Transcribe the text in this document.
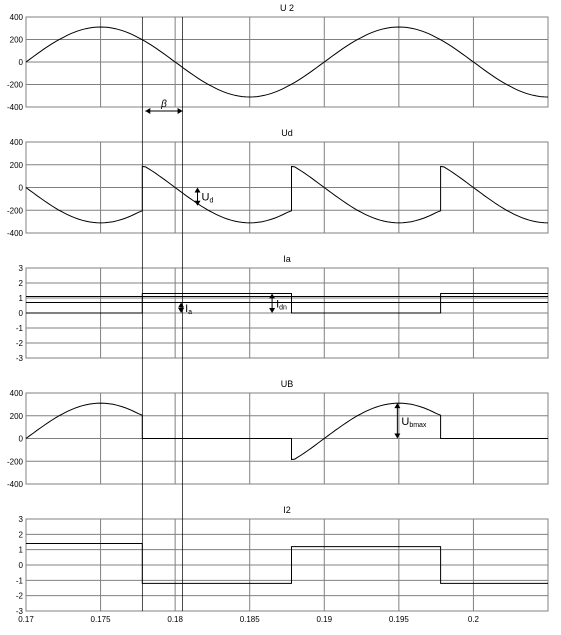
400
200
0
-200
-400
U 2
β
400
200
0
-200
-400
Ud
Ud
3
2
1
0
-1
-2
-3
Ia
Ia
Idn
400
200
0
-200
-400
UB
Ubmax
3
2
1
0
-1
-2
-3
0.17	0.175	0.18	0.185	0.19	0.195	0.2
I2
